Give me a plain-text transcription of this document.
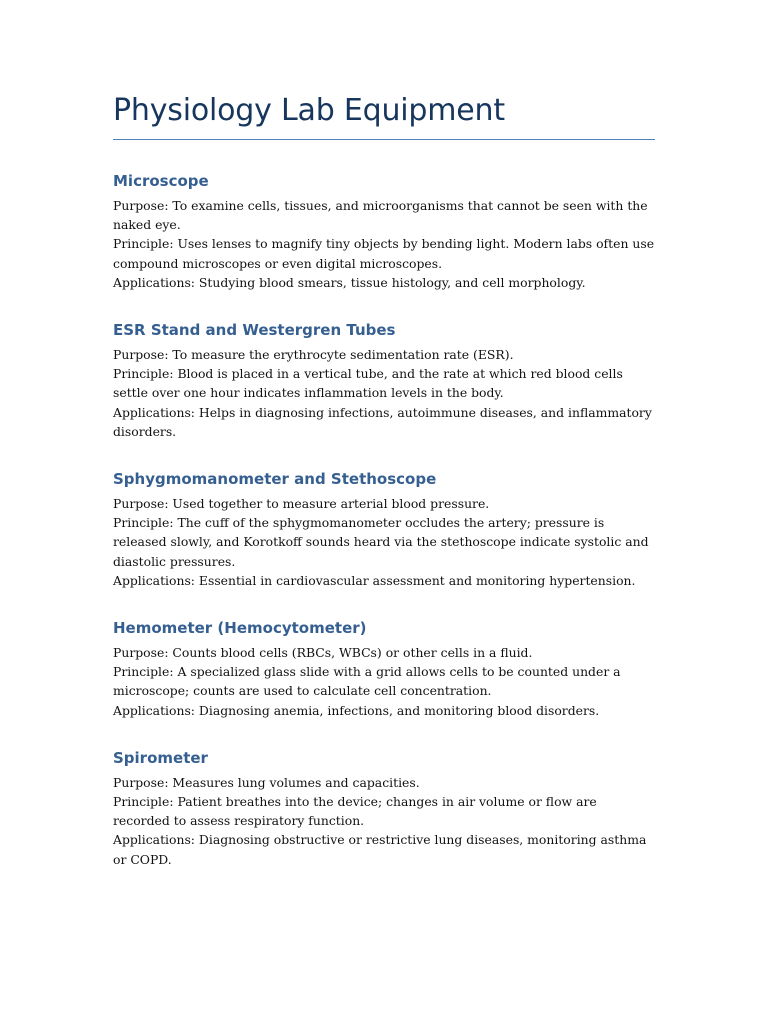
Physiology Lab Equipment
Microscope

Purpose: To examine cells, tissues, and microorganisms that cannot be seen with the naked eye.

Principle: Uses lenses to magnify tiny objects by bending light. Modern labs often use compound microscopes or even digital microscopes.

Applications: Studying blood smears, tissue histology, and cell morphology.

ESR Stand and Westergren Tubes

Purpose: To measure the erythrocyte sedimentation rate (ESR).

Principle: Blood is placed in a vertical tube, and the rate at which red blood cells settle over one hour indicates inflammation levels in the body.

Applications: Helps in diagnosing infections, autoimmune diseases, and inflammatory disorders.

Sphygmomanometer and Stethoscope

Purpose: Used together to measure arterial blood pressure.

Principle: The cuff of the sphygmomanometer occludes the artery; pressure is released slowly, and Korotkoff sounds heard via the stethoscope indicate systolic and diastolic pressures.

Applications: Essential in cardiovascular assessment and monitoring hypertension.

Hemometer (Hemocytometer)

Purpose: Counts blood cells (RBCs, WBCs) or other cells in a fluid.

Principle: A specialized glass slide with a grid allows cells to be counted under a microscope; counts are used to calculate cell concentration.

Applications: Diagnosing anemia, infections, and monitoring blood disorders.

Spirometer

Purpose: Measures lung volumes and capacities.

Principle: Patient breathes into the device; changes in air volume or flow are recorded to assess respiratory function.

Applications: Diagnosing obstructive or restrictive lung diseases, monitoring asthma or COPD.
